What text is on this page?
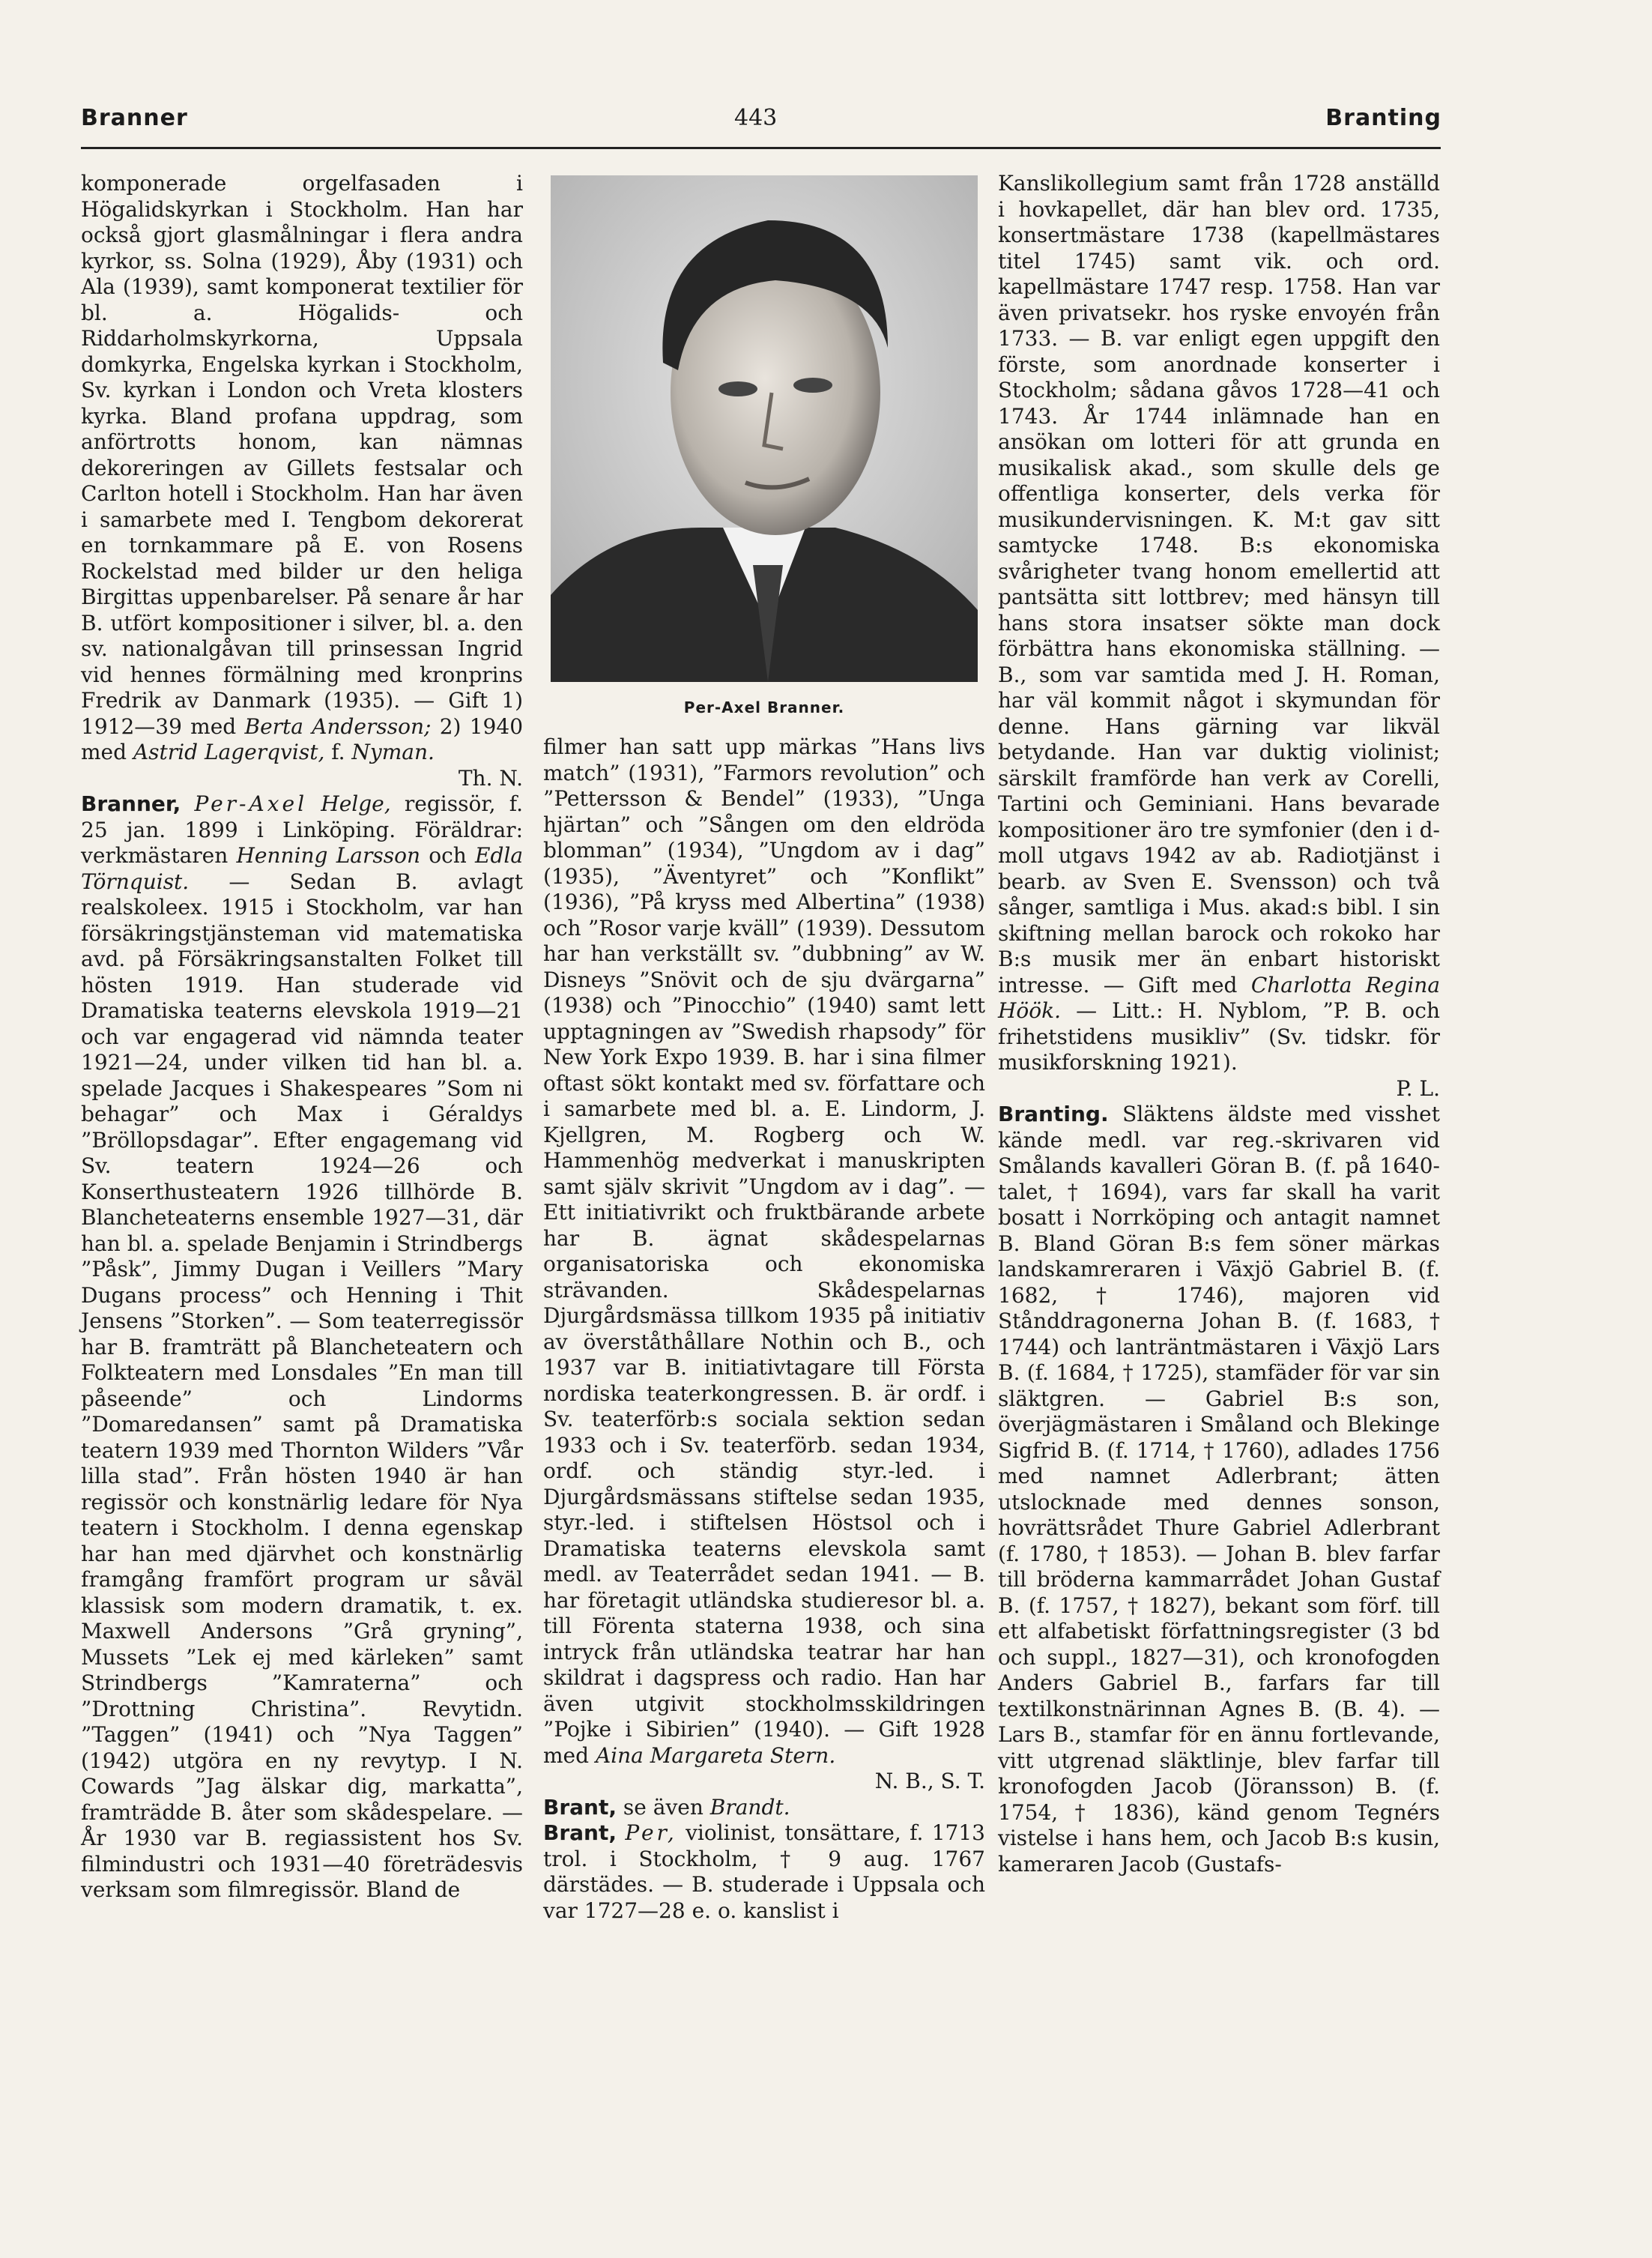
Branner	443	Branting

komponerade orgelfasaden i Högalidskyrkan i Stockholm. Han har också gjort glasmålningar i flera andra kyrkor, ss. Solna (1929), Åby (1931) och Ala (1939), samt komponerat textilier för bl. a. Högalids- och Riddarholmskyrkorna, Uppsala domkyrka, Engelska kyrkan i Stockholm, Sv. kyrkan i London och Vreta klosters kyrka. Bland profana uppdrag, som anförtrotts honom, kan nämnas dekoreringen av Gillets festsalar och Carlton hotell i Stockholm. Han har även i samarbete med I. Tengbom dekorerat en tornkammare på E. von Rosens Rockelstad med bilder ur den heliga Birgittas uppenbarelser. På senare år har B. utfört kompositioner i silver, bl. a. den sv. nationalgåvan till prinsessan Ingrid vid hennes förmälning med kronprins Fredrik av Danmark (1935). — Gift 1) 1912—39 med Berta Andersson; 2) 1940 med Astrid Lagerqvist, f. Nyman.
Th. N.

Branner, Per-Axel Helge, regissör, f. 25 jan. 1899 i Linköping. Föräldrar: verkmästaren Henning Larsson och Edla Törnquist. — Sedan B. avlagt realskoleex. 1915 i Stockholm, var han försäkringstjänsteman vid matematiska avd. på Försäkringsanstalten Folket till hösten 1919. Han studerade vid Dramatiska teaterns elevskola 1919—21 och var engagerad vid nämnda teater 1921—24, under vilken tid han bl. a. spelade Jacques i Shakespeares ”Som ni behagar” och Max i Géraldys ”Bröllopsdagar”. Efter engagemang vid Sv. teatern 1924—26 och Konserthusteatern 1926 tillhörde B. Blancheteaterns ensemble 1927—31, där han bl. a. spelade Benjamin i Strindbergs ”Påsk”, Jimmy Dugan i Veillers ”Mary Dugans process” och Henning i Thit Jensens ”Storken”. — Som teaterregissör har B. framträtt på Blancheteatern och Folkteatern med Lonsdales ”En man till påseende” och Lindorms ”Domaredansen” samt på Dramatiska teatern 1939 med Thornton Wilders ”Vår lilla stad”. Från hösten 1940 är han regissör och konstnärlig ledare för Nya teatern i Stockholm. I denna egenskap har han med djärvhet och konstnärlig framgång framfört program ur såväl klassisk som modern dramatik, t. ex. Maxwell Andersons ”Grå gryning”, Mussets ”Lek ej med kärleken” samt Strindbergs ”Kamraterna” och ”Drottning Christina”. Revytidn. ”Taggen” (1941) och ”Nya Taggen” (1942) utgöra en ny revytyp. I N. Cowards ”Jag älskar dig, markatta”, framträdde B. åter som skådespelare. — År 1930 var B. regiassistent hos Sv. filmindustri och 1931—40 företrädesvis verksam som filmregissör. Bland de

Per-Axel Branner.

filmer han satt upp märkas ”Hans livs match” (1931), ”Farmors revolution” och ”Pettersson & Bendel” (1933), ”Unga hjärtan” och ”Sången om den eldröda blomman” (1934), ”Ungdom av i dag” (1935), ”Äventyret” och ”Konflikt” (1936), ”På kryss med Albertina” (1938) och ”Rosor varje kväll” (1939). Dessutom har han verkställt sv. ”dubbning” av W. Disneys ”Snövit och de sju dvärgarna” (1938) och ”Pinocchio” (1940) samt lett upptagningen av ”Swedish rhapsody” för New York Expo 1939. B. har i sina filmer oftast sökt kontakt med sv. författare och i samarbete med bl. a. E. Lindorm, J. Kjellgren, M. Rogberg och W. Hammenhög medverkat i manuskripten samt själv skrivit ”Ungdom av i dag”. — Ett initiativrikt och fruktbärande arbete har B. ägnat skådespelarnas organisatoriska och ekonomiska strävanden. Skådespelarnas Djurgårdsmässa tillkom 1935 på initiativ av överståthållare Nothin och B., och 1937 var B. initiativtagare till Första nordiska teaterkongressen. B. är ordf. i Sv. teaterförb:s sociala sektion sedan 1933 och i Sv. teaterförb. sedan 1934, ordf. och ständig styr.-led. i Djurgårdsmässans stiftelse sedan 1935, styr.-led. i stiftelsen Höstsol och i Dramatiska teaterns elevskola samt medl. av Teaterrådet sedan 1941. — B. har företagit utländska studieresor bl. a. till Förenta staterna 1938, och sina intryck från utländska teatrar har han skildrat i dagspress och radio. Han har även utgivit stockholmsskildringen ”Pojke i Sibirien” (1940). — Gift 1928 med Aina Margareta Stern.
N. B., S. T.

Brant, se även Brandt.

Brant, Per, violinist, tonsättare, f. 1713 trol. i Stockholm, † 9 aug. 1767 därstädes. — B. studerade i Uppsala och var 1727—28 e. o. kanslist i

Kanslikollegium samt från 1728 anställd i hovkapellet, där han blev ord. 1735, konsertmästare 1738 (kapellmästares titel 1745) samt vik. och ord. kapellmästare 1747 resp. 1758. Han var även privatsekr. hos ryske envoyén från 1733. — B. var enligt egen uppgift den förste, som anordnade konserter i Stockholm; sådana gåvos 1728—41 och 1743. År 1744 inlämnade han en ansökan om lotteri för att grunda en musikalisk akad., som skulle dels ge offentliga konserter, dels verka för musikundervisningen. K. M:t gav sitt samtycke 1748. B:s ekonomiska svårigheter tvang honom emellertid att pantsätta sitt lottbrev; med hänsyn till hans stora insatser sökte man dock förbättra hans ekonomiska ställning. — B., som var samtida med J. H. Roman, har väl kommit något i skymundan för denne. Hans gärning var likväl betydande. Han var duktig violinist; särskilt framförde han verk av Corelli, Tartini och Geminiani. Hans bevarade kompositioner äro tre symfonier (den i d-moll utgavs 1942 av ab. Radiotjänst i bearb. av Sven E. Svensson) och två sånger, samtliga i Mus. akad:s bibl. I sin skiftning mellan barock och rokoko har B:s musik mer än enbart historiskt intresse. — Gift med Charlotta Regina Höök. — Litt.: H. Nyblom, ”P. B. och frihetstidens musikliv” (Sv. tidskr. för musikforskning 1921).
P. L.

Branting. Släktens äldste med visshet kände medl. var reg.-skrivaren vid Smålands kavalleri Göran B. (f. på 1640-talet, † 1694), vars far skall ha varit bosatt i Norrköping och antagit namnet B. Bland Göran B:s fem söner märkas landskamreraren i Växjö Gabriel B. (f. 1682, † 1746), majoren vid Stånddragonerna Johan B. (f. 1683, † 1744) och lanträntmästaren i Växjö Lars B. (f. 1684, † 1725), stamfäder för var sin släktgren. — Gabriel B:s son, överjägmästaren i Småland och Blekinge Sigfrid B. (f. 1714, † 1760), adlades 1756 med namnet Adlerbrant; ätten utslocknade med dennes sonson, hovrättsrådet Thure Gabriel Adlerbrant (f. 1780, † 1853). — Johan B. blev farfar till bröderna kammarrådet Johan Gustaf B. (f. 1757, † 1827), bekant som förf. till ett alfabetiskt författningsregister (3 bd och suppl., 1827—31), och kronofogden Anders Gabriel B., farfars far till textilkonstnärinnan Agnes B. (B. 4). — Lars B., stamfar för en ännu fortlevande, vitt utgrenad släktlinje, blev farfar till kronofogden Jacob (Jöransson) B. (f. 1754, † 1836), känd genom Tegnérs vistelse i hans hem, och Jacob B:s kusin, kameraren Jacob (Gustafs-
